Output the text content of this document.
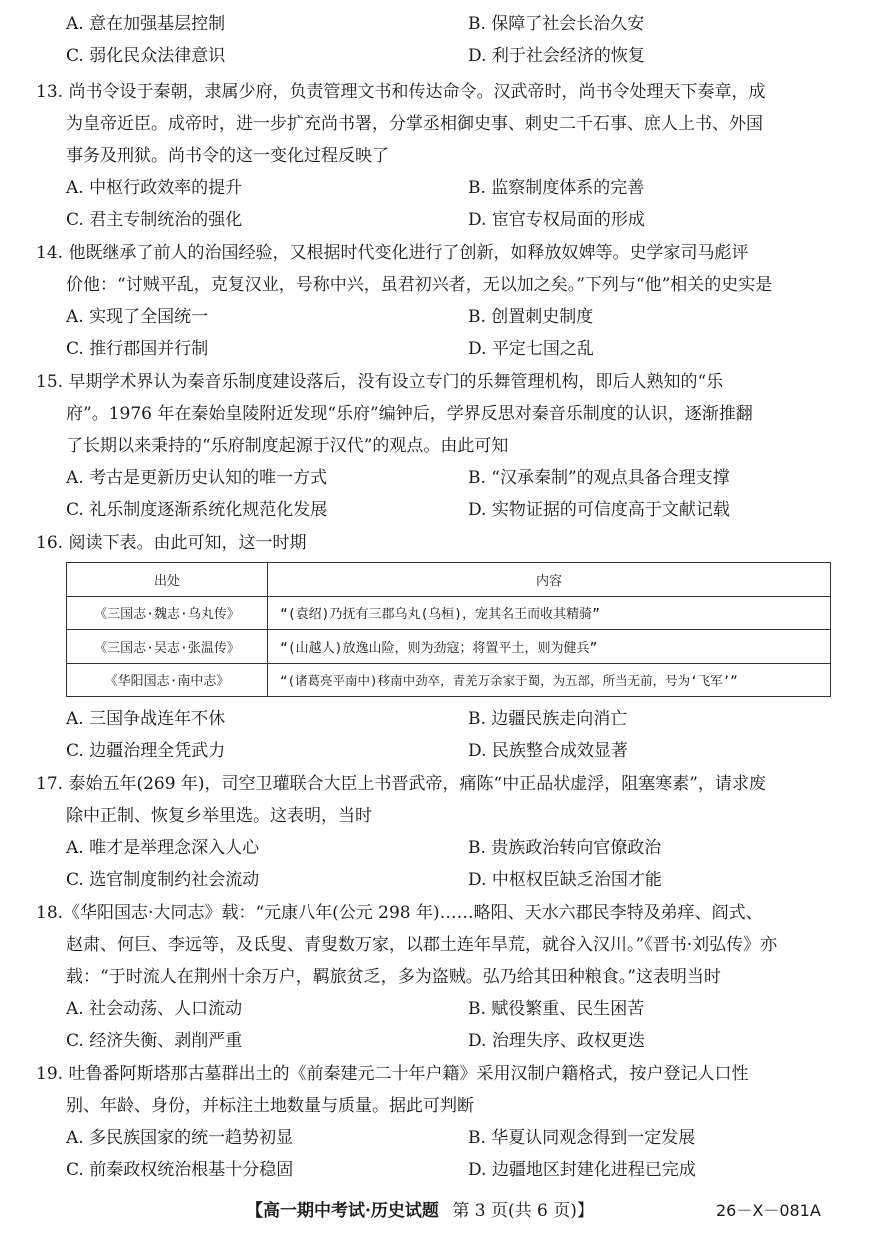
A. 意在加强基层控制	B. 保障了社会长治久安
C. 弱化民众法律意识	D. 利于社会经济的恢复
13. 尚书令设于秦朝，隶属少府，负责管理文书和传达命令。汉武帝时，尚书令处理天下奏章，成
为皇帝近臣。成帝时，进一步扩充尚书署，分掌丞相御史事、刺史二千石事、庶人上书、外国
事务及刑狱。尚书令的这一变化过程反映了
A. 中枢行政效率的提升	B. 监察制度体系的完善
C. 君主专制统治的强化	D. 宦官专权局面的形成
14. 他既继承了前人的治国经验，又根据时代变化进行了创新，如释放奴婢等。史学家司马彪评
价他：“讨贼平乱，克复汉业，号称中兴，虽君初兴者，无以加之矣。”下列与“他”相关的史实是
A. 实现了全国统一	B. 创置刺史制度
C. 推行郡国并行制	D. 平定七国之乱
15. 早期学术界认为秦音乐制度建设落后，没有设立专门的乐舞管理机构，即后人熟知的“乐
府”。1976 年在秦始皇陵附近发现“乐府”编钟后，学界反思对秦音乐制度的认识，逐渐推翻
了长期以来秉持的“乐府制度起源于汉代”的观点。由此可知
A. 考古是更新历史认知的唯一方式	B. “汉承秦制”的观点具备合理支撑
C. 礼乐制度逐渐系统化规范化发展	D. 实物证据的可信度高于文献记载
16. 阅读下表。由此可知，这一时期
出处	内容
《三国志·魏志·乌丸传》	“(袁绍)乃抚有三郡乌丸(乌桓)，宠其名王而收其精骑”
《三国志·吴志·张温传》	“(山越人)放逸山险，则为劲寇；将置平土，则为健兵”
《华阳国志·南中志》	“(诸葛亮平南中)移南中劲卒，青羌万余家于蜀，为五部，所当无前，号为‘飞军’”
A. 三国争战连年不休	B. 边疆民族走向消亡
C. 边疆治理全凭武力	D. 民族整合成效显著
17. 泰始五年(269 年)，司空卫瓘联合大臣上书晋武帝，痛陈“中正品状虚浮，阻塞寒素”，请求废
除中正制、恢复乡举里选。这表明，当时
A. 唯才是举理念深入人心	B. 贵族政治转向官僚政治
C. 选官制度制约社会流动	D. 中枢权臣缺乏治国才能
18.《华阳国志·大同志》载：“元康八年(公元 298 年)……略阳、天水六郡民李特及弟痒、阎式、
赵肃、何巨、李远等，及氐叟、青叟数万家，以郡土连年旱荒，就谷入汉川。”《晋书·刘弘传》亦
载：“于时流人在荆州十余万户，羁旅贫乏，多为盗贼。弘乃给其田种粮食。”这表明当时
A. 社会动荡、人口流动	B. 赋役繁重、民生困苦
C. 经济失衡、剥削严重	D. 治理失序、政权更迭
19. 吐鲁番阿斯塔那古墓群出土的《前秦建元二十年户籍》采用汉制户籍格式，按户登记人口性
别、年龄、身份，并标注土地数量与质量。据此可判断
A. 多民族国家的统一趋势初显	B. 华夏认同观念得到一定发展
C. 前秦政权统治根基十分稳固	D. 边疆地区封建化进程已完成
【高一期中考试·历史试题 第 3 页(共 6 页)】	26－X－081A
